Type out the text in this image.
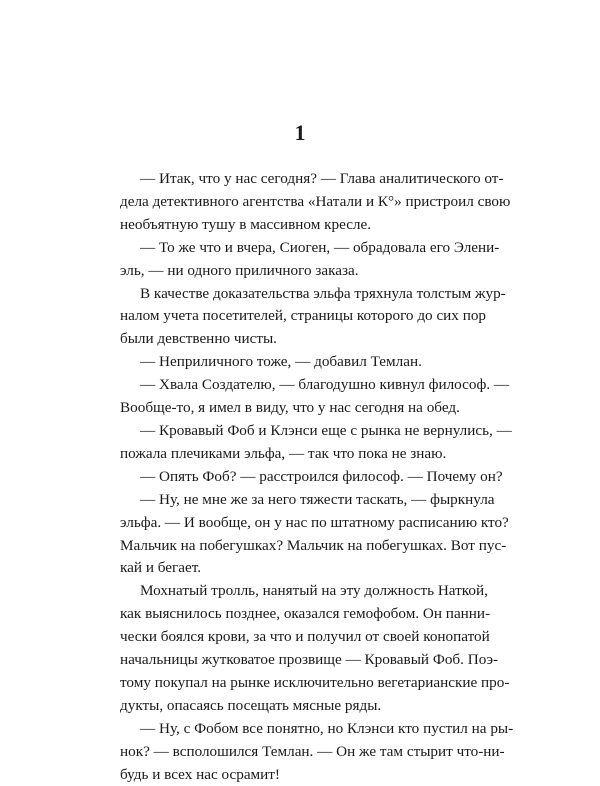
1
— Итак, что у нас сегодня? — Глава аналитического от-
дела детективного агентства «Натали и К°» пристроил свою
необъятную тушу в массивном кресле.
— То же что и вчера, Сиоген, — обрадовала его Элени-
эль, — ни одного приличного заказа.
В качестве доказательства эльфа тряхнула толстым жур-
налом учета посетителей, страницы которого до сих пор
были девственно чисты.
— Неприличного тоже, — добавил Темлан.
— Хвала Создателю, — благодушно кивнул философ. —
Вообще-то, я имел в виду, что у нас сегодня на обед.
— Кровавый Фоб и Клэнси еще с рынка не вернулись, —
пожала плечиками эльфа, — так что пока не знаю.
— Опять Фоб? — расстроился философ. — Почему он?
— Ну, не мне же за него тяжести таскать, — фыркнула
эльфа. — И вообще, он у нас по штатному расписанию кто?
Мальчик на побегушках? Мальчик на побегушках. Вот пус-
кай и бегает.
Мохнатый тролль, нанятый на эту должность Наткой,
как выяснилось позднее, оказался гемофобом. Он панни-
чески боялся крови, за что и получил от своей конопатой
начальницы жутковатое прозвище — Кровавый Фоб. Поэ-
тому покупал на рынке исключительно вегетарианские про-
дукты, опасаясь посещать мясные ряды.
— Ну, с Фобом все понятно, но Клэнси кто пустил на ры-
нок? — всполошился Темлан. — Он же там стырит что-ни-
будь и всех нас осрамит!
